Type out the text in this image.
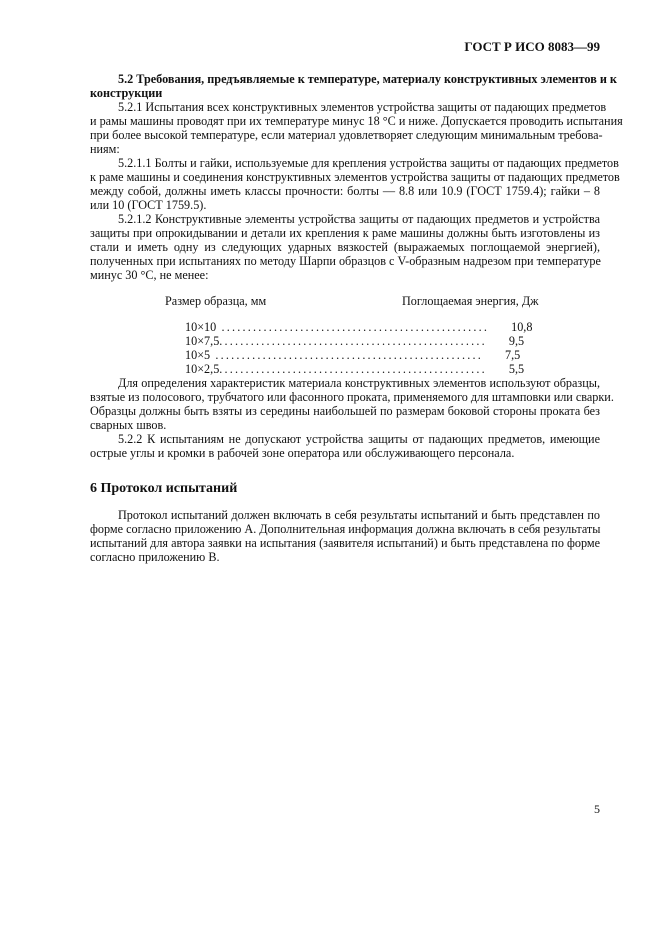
ГОСТ Р ИСО 8083—99
5.2 Требования, предъявляемые к температуре, материалу конструктивных элементов и к
конструкции
5.2.1 Испытания всех конструктивных элементов устройства защиты от падающих предметов
и рамы машины проводят при их температуре минус 18 °С и ниже. Допускается проводить испытания
при более высокой температуре, если материал удовлетворяет следующим минимальным требова-
ниям:
5.2.1.1 Болты и гайки, используемые для крепления устройства защиты от падающих предметов
к раме машины и соединения конструктивных элементов устройства защиты от падающих предметов
между собой, должны иметь классы прочности: болты — 8.8 или 10.9 (ГОСТ 1759.4); гайки – 8
или 10 (ГОСТ 1759.5).
5.2.1.2 Конструктивные элементы устройства защиты от падающих предметов и устройства
защиты при опрокидывании и детали их крепления к раме машины должны быть изготовлены из
стали и иметь одну из следующих ударных вязкостей (выражаемых поглощаемой энергией),
полученных при испытаниях по методу Шарпи образцов с V-образным надрезом при температуре
минус 30 °С, не менее:
Размер образца, мм	Поглощаемая энергия, Дж
10×10 ................................................... 10,8
10×7,5 ................................................... 9,5
10×5 ................................................... 7,5
10×2,5 ................................................... 5,5
Для определения характеристик материала конструктивных элементов используют образцы,
взятые из полосового, трубчатого или фасонного проката, применяемого для штамповки или сварки.
Образцы должны быть взяты из середины наибольшей по размерам боковой стороны проката без
сварных швов.
5.2.2 К испытаниям не допускают устройства защиты от падающих предметов, имеющие
острые углы и кромки в рабочей зоне оператора или обслуживающего персонала.
6 Протокол испытаний
Протокол испытаний должен включать в себя результаты испытаний и быть представлен по
форме согласно приложению А. Дополнительная информация должна включать в себя результаты
испытаний для автора заявки на испытания (заявителя испытаний) и быть представлена по форме
согласно приложению В.
5
